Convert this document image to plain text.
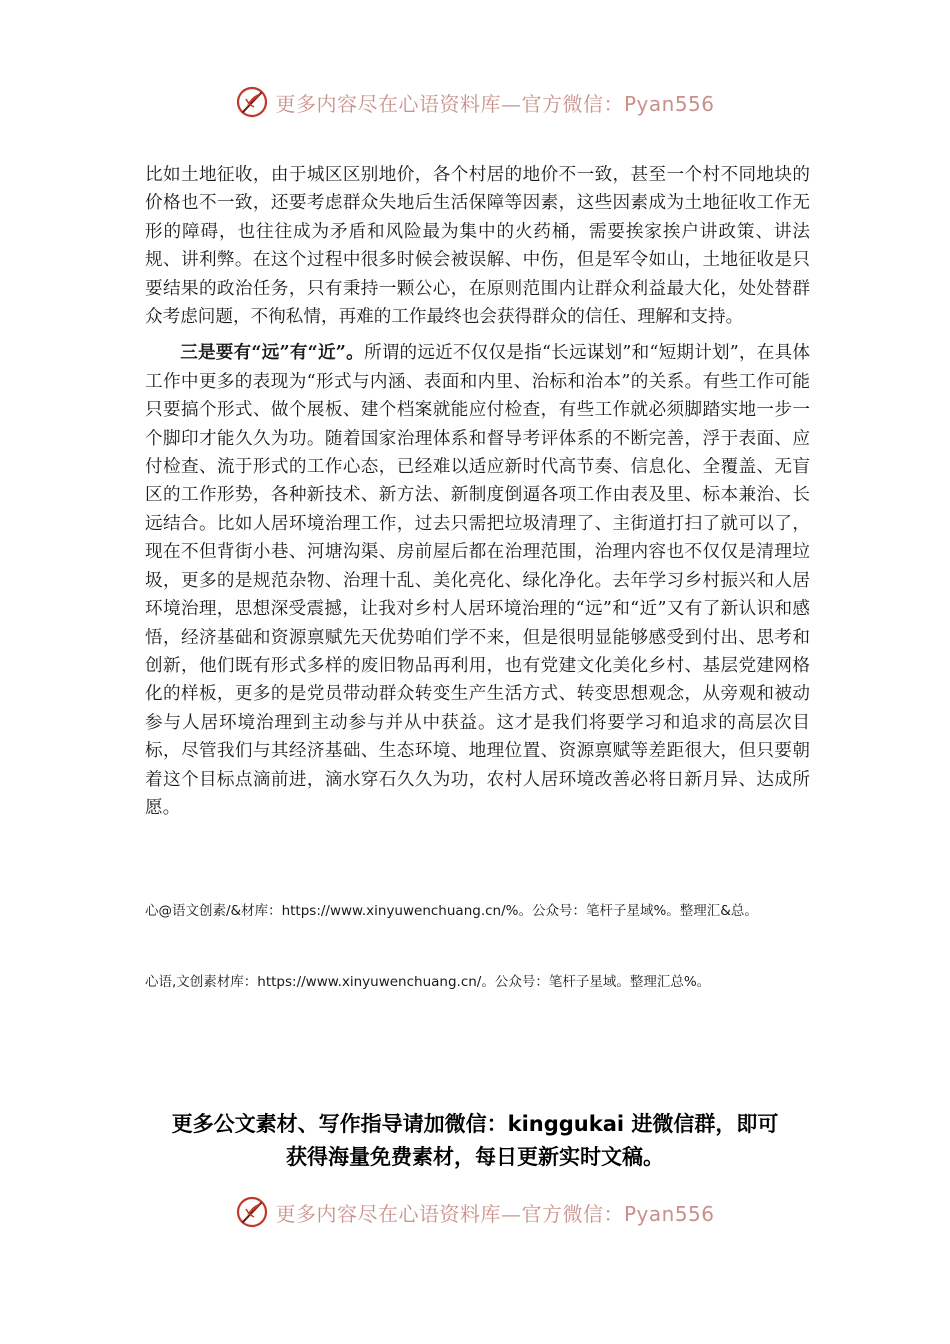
更多内容尽在心语资料库—官方微信：Pyan556

比如土地征收，由于城区区别地价，各个村居的地价不一致，甚至一个村不同地块的价格也不一致，还要考虑群众失地后生活保障等因素，这些因素成为土地征收工作无形的障碍，也往往成为矛盾和风险最为集中的火药桶，需要挨家挨户讲政策、讲法规、讲利弊。在这个过程中很多时候会被误解、中伤，但是军令如山，土地征收是只要结果的政治任务，只有秉持一颗公心，在原则范围内让群众利益最大化，处处替群众考虑问题，不徇私情，再难的工作最终也会获得群众的信任、理解和支持。

三是要有“远”有“近”。所谓的远近不仅仅是指“长远谋划”和“短期计划”，在具体工作中更多的表现为“形式与内涵、表面和内里、治标和治本”的关系。有些工作可能只要搞个形式、做个展板、建个档案就能应付检查，有些工作就必须脚踏实地一步一个脚印才能久久为功。随着国家治理体系和督导考评体系的不断完善，浮于表面、应付检查、流于形式的工作心态，已经难以适应新时代高节奏、信息化、全覆盖、无盲区的工作形势，各种新技术、新方法、新制度倒逼各项工作由表及里、标本兼治、长远结合。比如人居环境治理工作，过去只需把垃圾清理了、主街道打扫了就可以了，现在不但背街小巷、河塘沟渠、房前屋后都在治理范围，治理内容也不仅仅是清理垃圾，更多的是规范杂物、治理十乱、美化亮化、绿化净化。去年学习乡村振兴和人居环境治理，思想深受震撼，让我对乡村人居环境治理的“远”和“近”又有了新认识和感悟，经济基础和资源禀赋先天优势咱们学不来，但是很明显能够感受到付出、思考和创新，他们既有形式多样的废旧物品再利用，也有党建文化美化乡村、基层党建网格化的样板，更多的是党员带动群众转变生产生活方式、转变思想观念，从旁观和被动参与人居环境治理到主动参与并从中获益。这才是我们将要学习和追求的高层次目标，尽管我们与其经济基础、生态环境、地理位置、资源禀赋等差距很大，但只要朝着这个目标点滴前进，滴水穿石久久为功，农村人居环境改善必将日新月异、达成所愿。

心@语文创素/&材库：https://www.xinyuwenchuang.cn/%。公众号：笔杆子星域%。整理汇&总。
心语,文创素材库：https://www.xinyuwenchuang.cn/。公众号：笔杆子星域。整理汇总%。
更多公文素材、写作指导请加微信：kinggukai 进微信群，即可
获得海量免费素材，每日更新实时文稿。
更多内容尽在心语资料库—官方微信：Pyan556
